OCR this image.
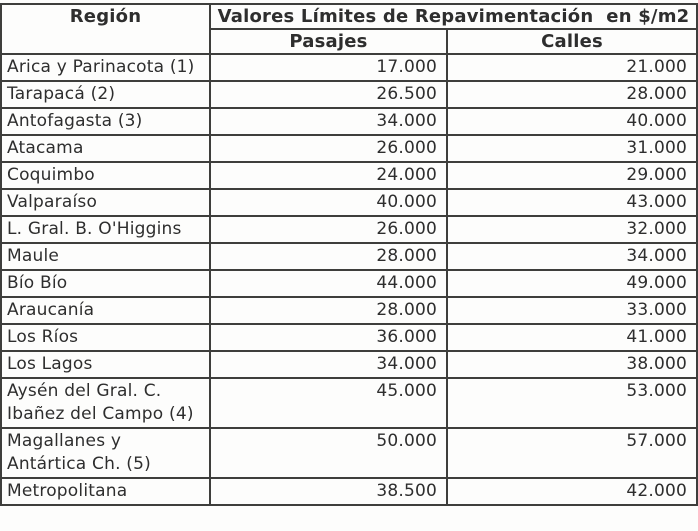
Región	Valores Límites de Repavimentación  en $/m2	
	Pasajes	Calles
Arica y Parinacota (1)	17.000	21.000
Tarapacá (2)	26.500	28.000
Antofagasta (3)	34.000	40.000
Atacama	26.000	31.000
Coquimbo	24.000	29.000
Valparaíso	40.000	43.000
L. Gral. B. O'Higgins	26.000	32.000
Maule	28.000	34.000
Bío Bío	44.000	49.000
Araucanía	28.000	33.000
Los Ríos	36.000	41.000
Los Lagos	34.000	38.000
Aysén del Gral. C. Ibañez del Campo (4)	45.000	53.000
Magallanes y Antártica Ch. (5)	50.000	57.000
Metropolitana	38.500	42.000
